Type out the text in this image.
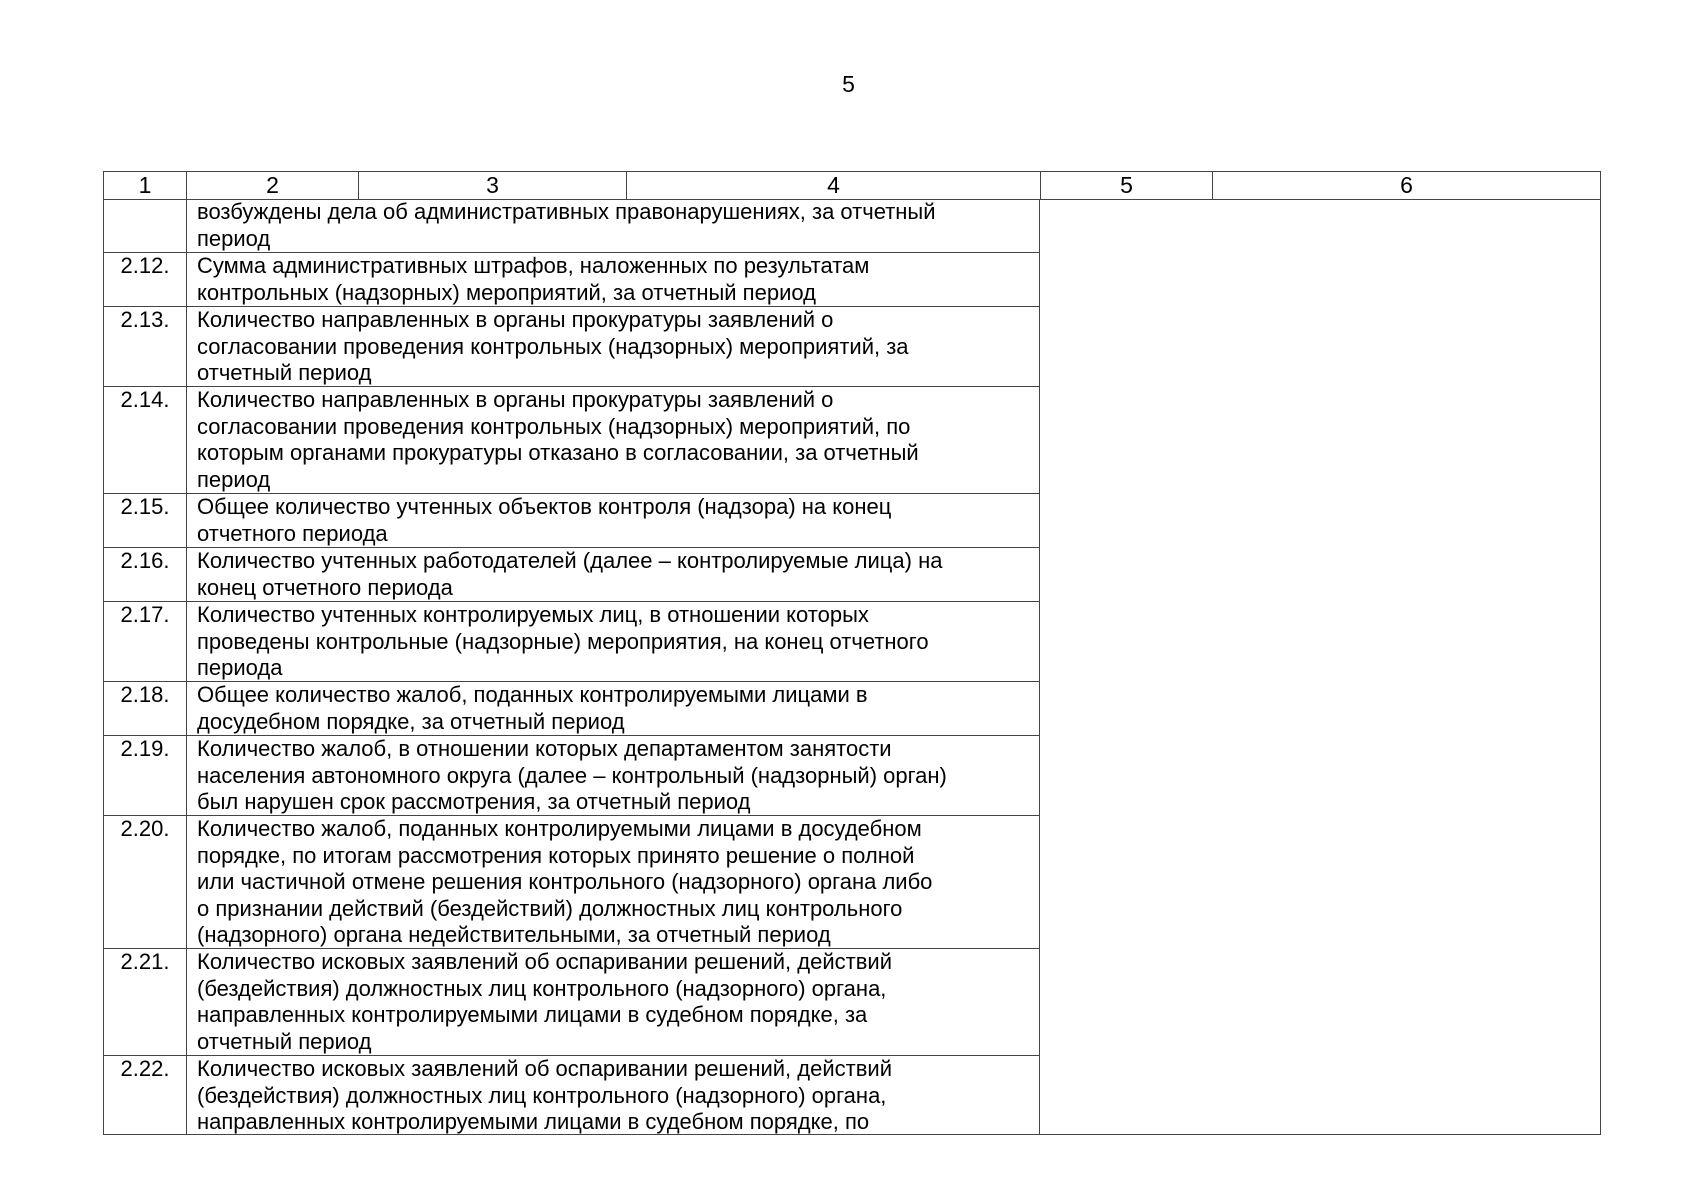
5
1	2	3	4	5	6
возбуждены дела об административных правонарушениях, за отчетный
период
2.12.	Сумма административных штрафов, наложенных по результатам
контрольных (надзорных) мероприятий, за отчетный период
2.13.	Количество направленных в органы прокуратуры заявлений о
согласовании проведения контрольных (надзорных) мероприятий, за
отчетный период
2.14.	Количество направленных в органы прокуратуры заявлений о
согласовании проведения контрольных (надзорных) мероприятий, по
которым органами прокуратуры отказано в согласовании, за отчетный
период
2.15.	Общее количество учтенных объектов контроля (надзора) на конец
отчетного периода
2.16.	Количество учтенных работодателей (далее – контролируемые лица) на
конец отчетного периода
2.17.	Количество учтенных контролируемых лиц, в отношении которых
проведены контрольные (надзорные) мероприятия, на конец отчетного
периода
2.18.	Общее количество жалоб, поданных контролируемыми лицами в
досудебном порядке, за отчетный период
2.19.	Количество жалоб, в отношении которых департаментом занятости
населения автономного округа (далее – контрольный (надзорный) орган)
был нарушен срок рассмотрения, за отчетный период
2.20.	Количество жалоб, поданных контролируемыми лицами в досудебном
порядке, по итогам рассмотрения которых принято решение о полной
или частичной отмене решения контрольного (надзорного) органа либо
о признании действий (бездействий) должностных лиц контрольного
(надзорного) органа недействительными, за отчетный период
2.21.	Количество исковых заявлений об оспаривании решений, действий
(бездействия) должностных лиц контрольного (надзорного) органа,
направленных контролируемыми лицами в судебном порядке, за
отчетный период
2.22.	Количество исковых заявлений об оспаривании решений, действий
(бездействия) должностных лиц контрольного (надзорного) органа,
направленных контролируемыми лицами в судебном порядке, по
